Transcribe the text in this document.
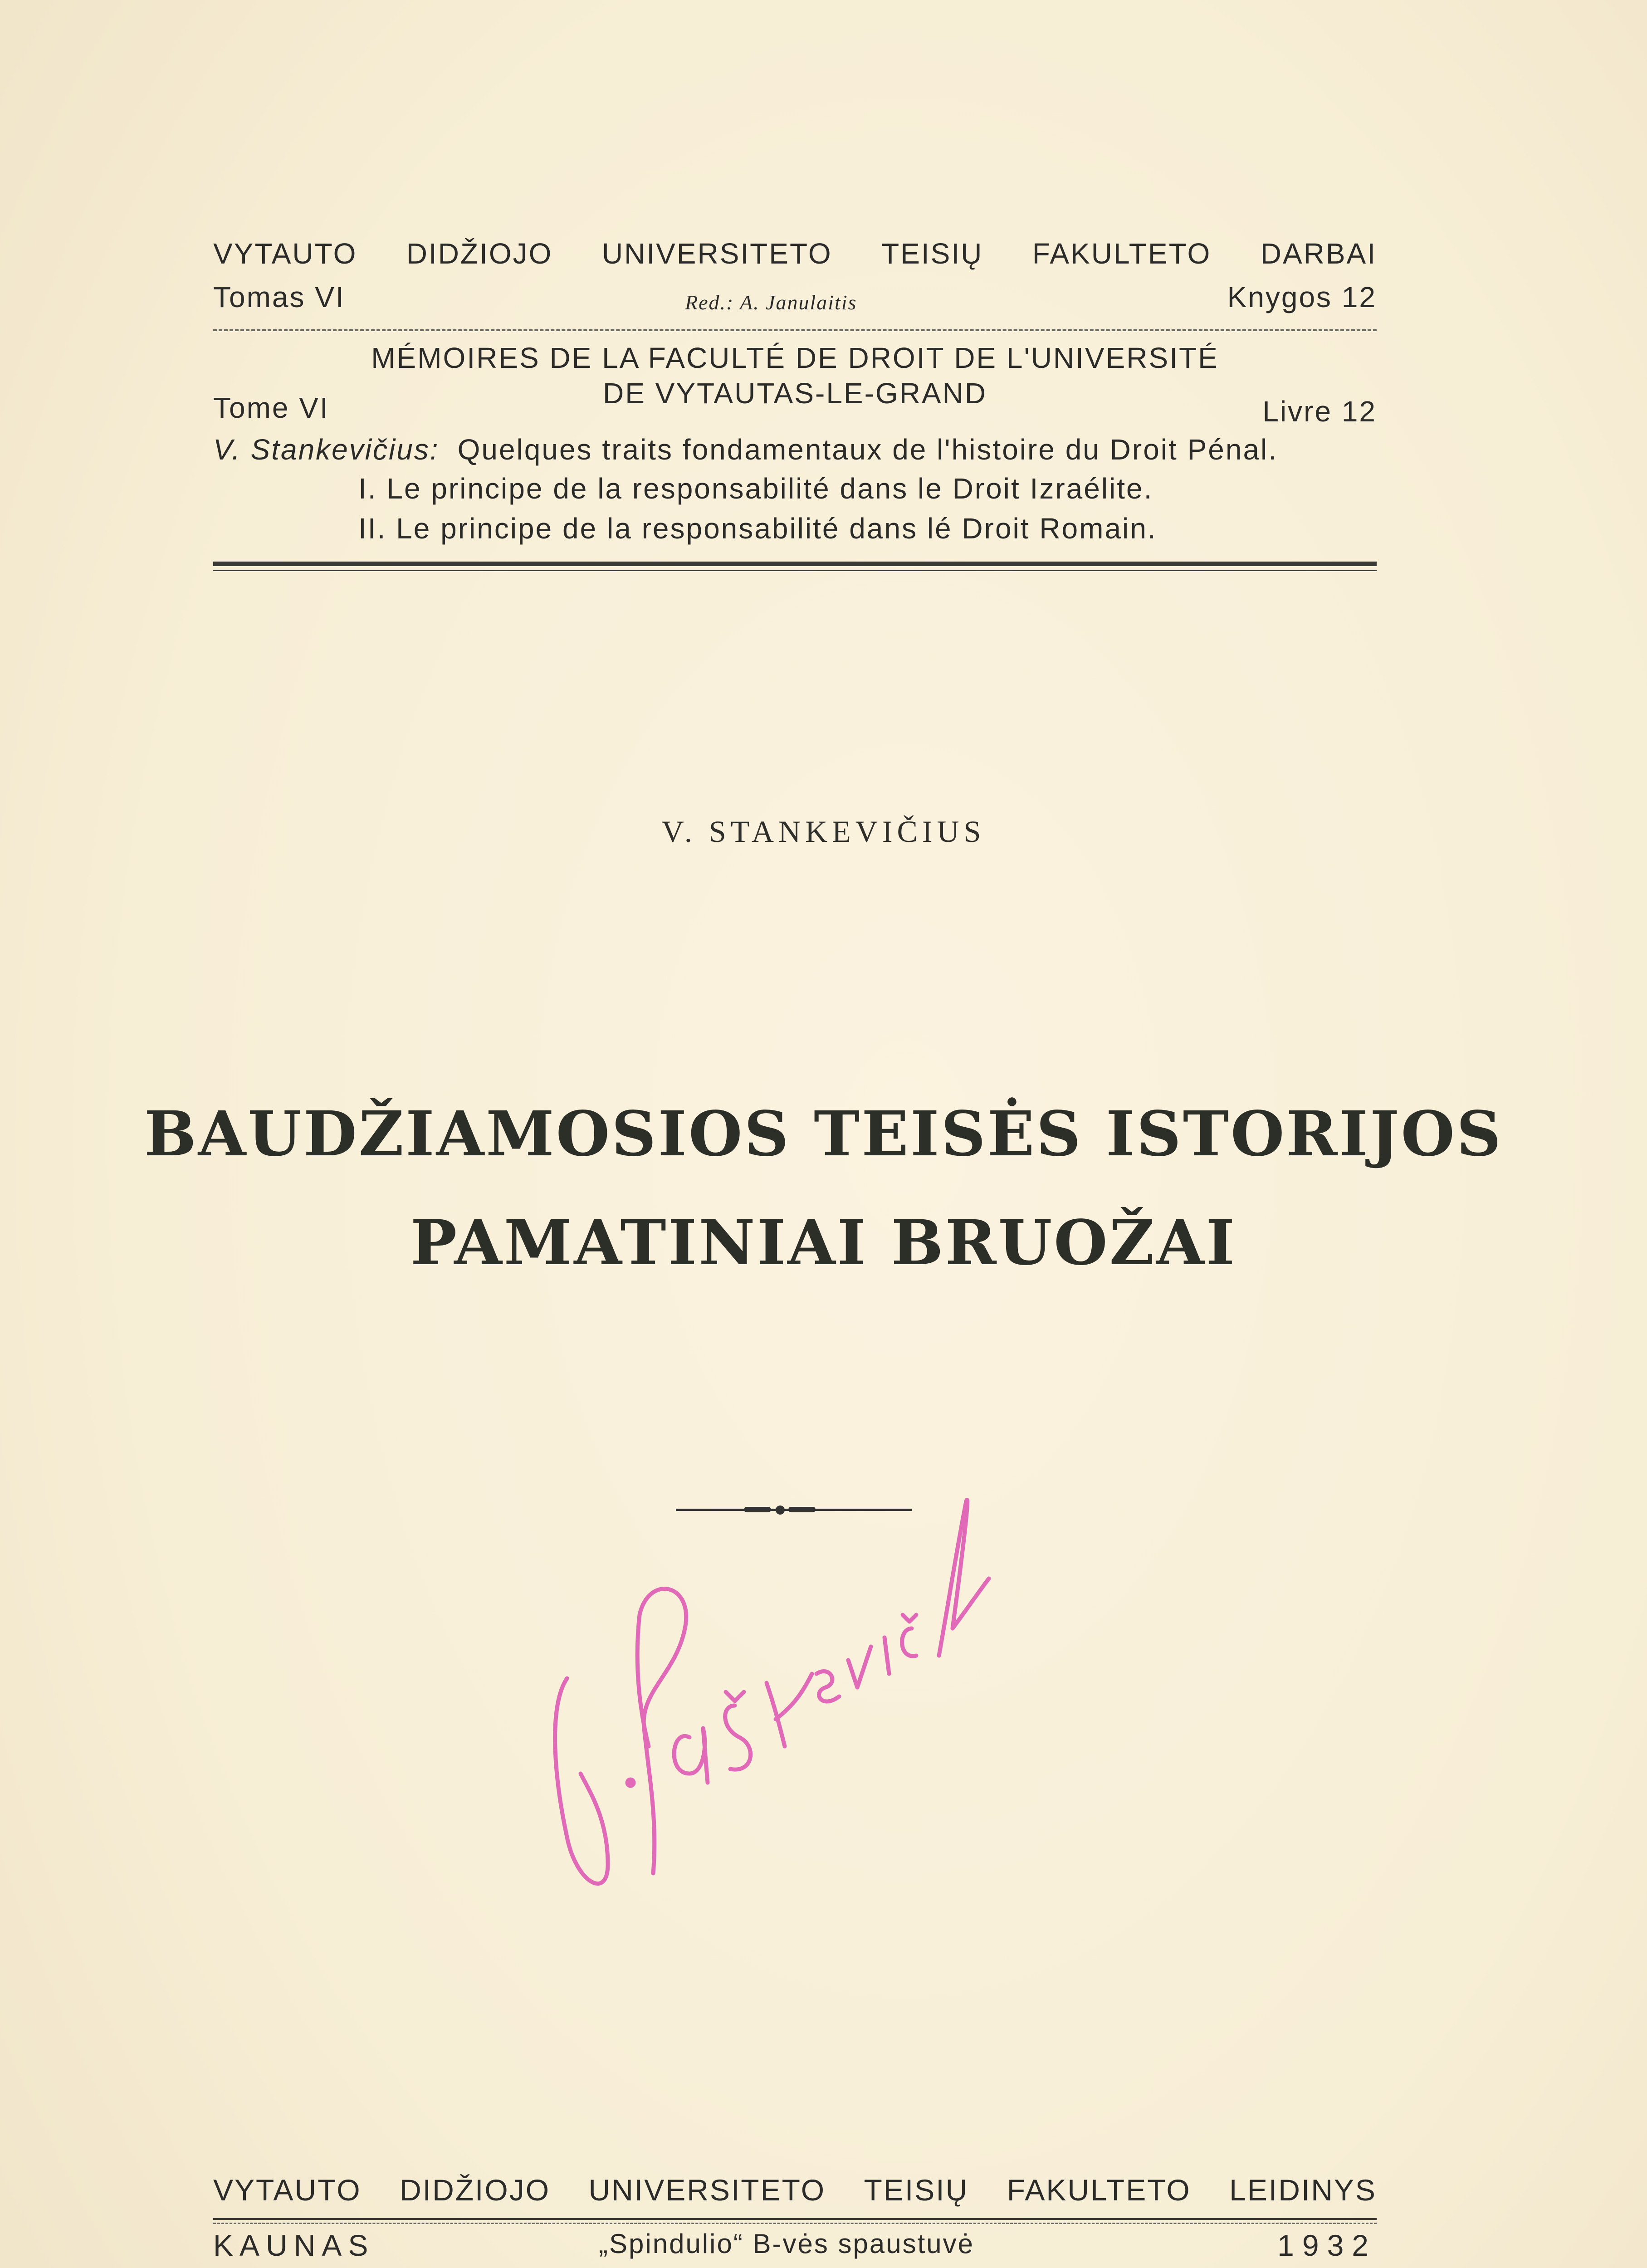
VYTAUTO DIDŽIOJO UNIVERSITETO TEISIŲ FAKULTETO DARBAI
Tomas VI	Red.: A. Janulaitis	Knygos 12
MÉMOIRES DE LA FACULTÉ DE DROIT DE L'UNIVERSITÉ
DE VYTAUTAS-LE-GRAND
Tome VI	Livre 12
V. Stankevičius: Quelques traits fondamentaux de l'histoire du Droit Pénal.
I. Le principe de la responsabilité dans le Droit Izraélite.
II. Le principe de la responsabilité dans lé Droit Romain.
V. STANKEVIČIUS
BAUDŽIAMOSIOS TEISĖS ISTORIJOS
PAMATINIAI BRUOŽAI
VYTAUTO DIDŽIOJO UNIVERSITETO TEISIŲ FAKULTETO LEIDINYS
KAUNAS	„Spindulio“ B-vės spaustuvė	1932
